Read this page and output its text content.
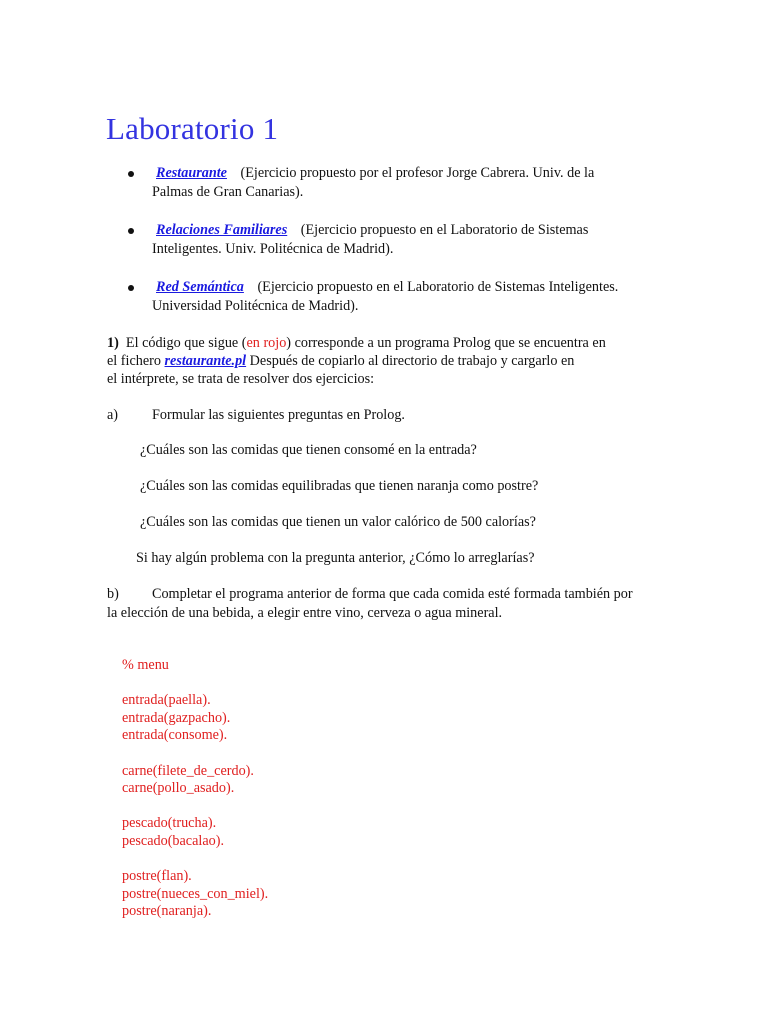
Laboratorio 1
Restaurante (Ejercicio propuesto por el profesor Jorge Cabrera. Univ. de la
Palmas de Gran Canarias).
Relaciones Familiares (Ejercicio propuesto en el Laboratorio de Sistemas
Inteligentes. Univ. Politécnica de Madrid).
Red Semántica (Ejercicio propuesto en el Laboratorio de Sistemas Inteligentes.
Universidad Politécnica de Madrid).
1) El código que sigue (en rojo) corresponde a un programa Prolog que se encuentra en
el fichero restaurante.pl Después de copiarlo al directorio de trabajo y cargarlo en
el intérprete, se trata de resolver dos ejercicios:
a) Formular las siguientes preguntas en Prolog.
¿Cuáles son las comidas que tienen consomé en la entrada?
¿Cuáles son las comidas equilibradas que tienen naranja como postre?
¿Cuáles son las comidas que tienen un valor calórico de 500 calorías?
Si hay algún problema con la pregunta anterior, ¿Cómo lo arreglarías?
b) Completar el programa anterior de forma que cada comida esté formada también por
la elección de una bebida, a elegir entre vino, cerveza o agua mineral.
% menu
entrada(paella).
entrada(gazpacho).
entrada(consome).
carne(filete_de_cerdo).
carne(pollo_asado).
pescado(trucha).
pescado(bacalao).
postre(flan).
postre(nueces_con_miel).
postre(naranja).
